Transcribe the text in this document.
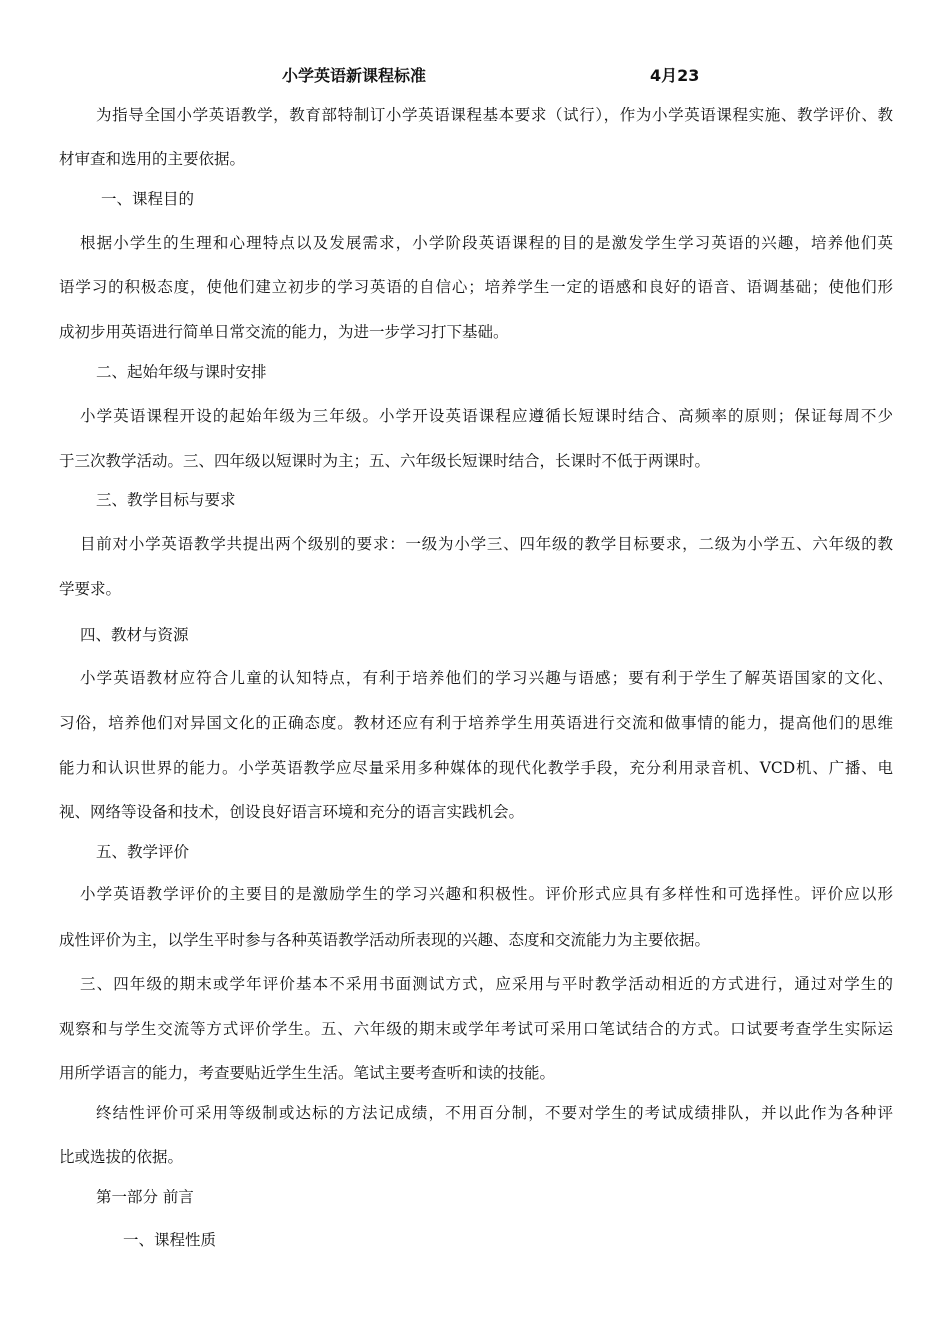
小学英语新课程标准	4月23
为指导全国小学英语教学，教育部特制订小学英语课程基本要求（试行），作为小学英语课程实施、教学评价、教
材审查和选用的主要依据。
一、课程目的
根据小学生的生理和心理特点以及发展需求，小学阶段英语课程的目的是激发学生学习英语的兴趣，培养他们英
语学习的积极态度，使他们建立初步的学习英语的自信心；培养学生一定的语感和良好的语音、语调基础；使他们形
成初步用英语进行简单日常交流的能力，为进一步学习打下基础。
二、起始年级与课时安排
小学英语课程开设的起始年级为三年级。小学开设英语课程应遵循长短课时结合、高频率的原则；保证每周不少
于三次教学活动。三、四年级以短课时为主；五、六年级长短课时结合，长课时不低于两课时。
三、教学目标与要求
目前对小学英语教学共提出两个级别的要求：一级为小学三、四年级的教学目标要求，二级为小学五、六年级的教
学要求。
四、教材与资源
小学英语教材应符合儿童的认知特点，有利于培养他们的学习兴趣与语感；要有利于学生了解英语国家的文化、
习俗，培养他们对异国文化的正确态度。教材还应有利于培养学生用英语进行交流和做事情的能力，提高他们的思维
能力和认识世界的能力。小学英语教学应尽量采用多种媒体的现代化教学手段，充分利用录音机、VCD机、广播、电
视、网络等设备和技术，创设良好语言环境和充分的语言实践机会。
五、教学评价
小学英语教学评价的主要目的是激励学生的学习兴趣和积极性。评价形式应具有多样性和可选择性。评价应以形
成性评价为主，以学生平时参与各种英语教学活动所表现的兴趣、态度和交流能力为主要依据。
三、四年级的期末或学年评价基本不采用书面测试方式，应采用与平时教学活动相近的方式进行，通过对学生的
观察和与学生交流等方式评价学生。五、六年级的期末或学年考试可采用口笔试结合的方式。口试要考查学生实际运
用所学语言的能力，考查要贴近学生生活。笔试主要考查听和读的技能。
终结性评价可采用等级制或达标的方法记成绩，不用百分制，不要对学生的考试成绩排队，并以此作为各种评
比或选拔的依据。
第一部分 前言
一、课程性质
